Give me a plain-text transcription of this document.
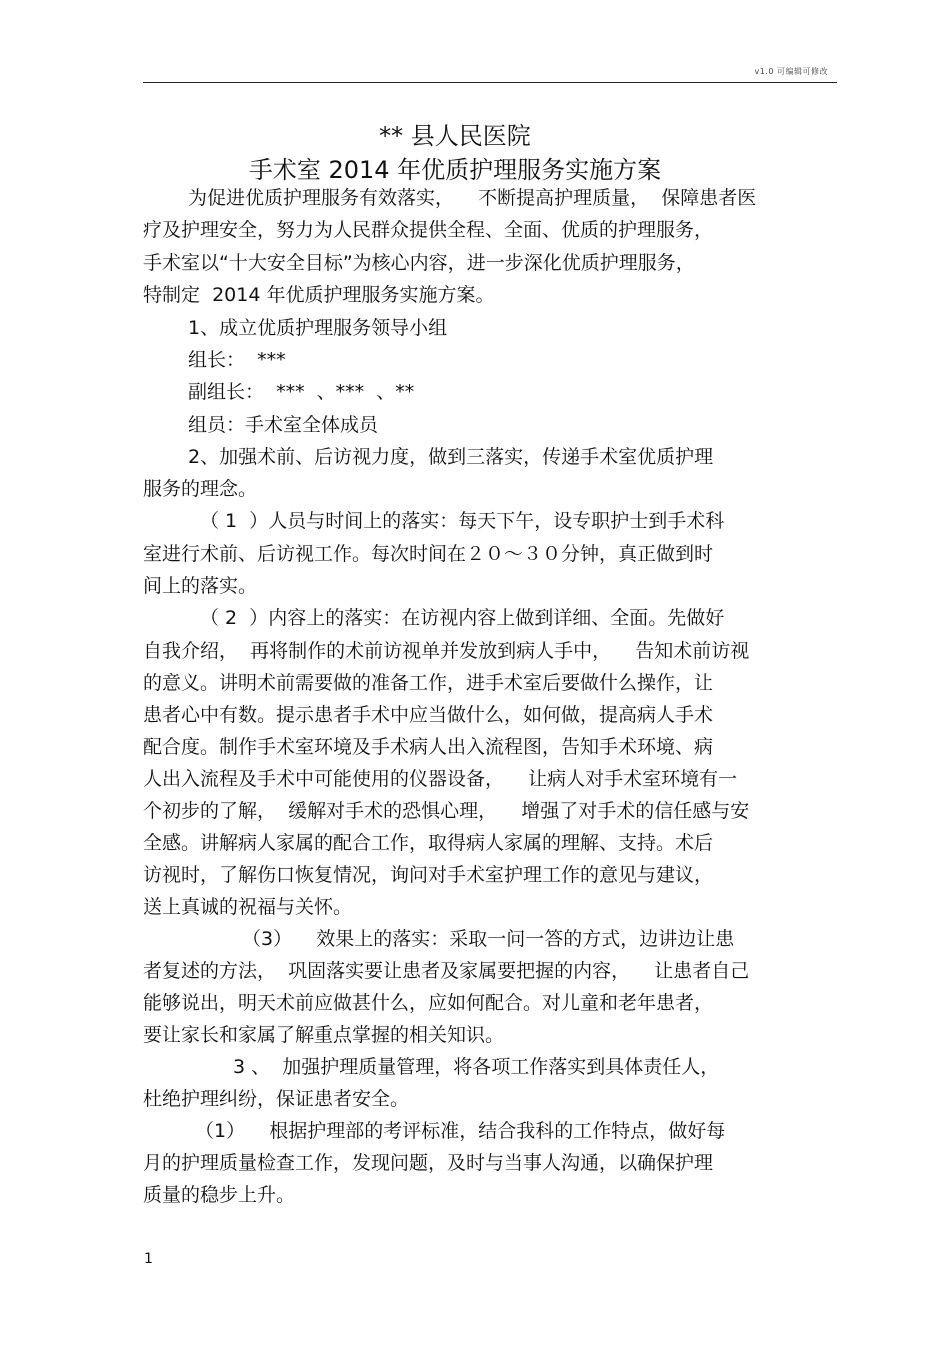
v1.0 可编辑可修改
** 县人民医院
手术室 2014 年优质护理服务实施方案
为促进优质护理服务有效落实，    不断提高护理质量，  保障患者医
疗及护理安全，努力为人民群众提供全程、全面、优质的护理服务，
手术室以“十大安全目标”为核心内容，进一步深化优质护理服务，
特制定  2014 年优质护理服务实施方案。
1、成立优质护理服务领导小组
组长：  ***
副组长：  ***  、***  、**
组员：手术室全体成员
2、加强术前、后访视力度，做到三落实，传递手术室优质护理
服务的理念。
（ 1  ）人员与时间上的落实：每天下午，设专职护士到手术科
室进行术前、后访视工作。每次时间在２０～３０分钟，真正做到时
间上的落实。
（ 2  ）内容上的落实：在访视内容上做到详细、全面。先做好
自我介绍，  再将制作的术前访视单并发放到病人手中，    告知术前访视
的意义。讲明术前需要做的准备工作，进手术室后要做什么操作，让
患者心中有数。提示患者手术中应当做什么，如何做，提高病人手术
配合度。制作手术室环境及手术病人出入流程图，告知手术环境、病
人出入流程及手术中可能使用的仪器设备，    让病人对手术室环境有一
个初步的了解，  缓解对手术的恐惧心理，    增强了对手术的信任感与安
全感。讲解病人家属的配合工作，取得病人家属的理解、支持。术后
访视时，了解伤口恢复情况，询问对手术室护理工作的意见与建议，
送上真诚的祝福与关怀。
（3）    效果上的落实：采取一问一答的方式，边讲边让患
者复述的方法，  巩固落实要让患者及家属要把握的内容，    让患者自己
能够说出，明天术前应做甚什么，应如何配合。对儿童和老年患者，
要让家长和家属了解重点掌握的相关知识。
3 、  加强护理质量管理，将各项工作落实到具体责任人，
杜绝护理纠纷，保证患者安全。
（1）    根据护理部的考评标准，结合我科的工作特点，做好每
月的护理质量检查工作，发现问题，及时与当事人沟通，以确保护理
质量的稳步上升。
1
